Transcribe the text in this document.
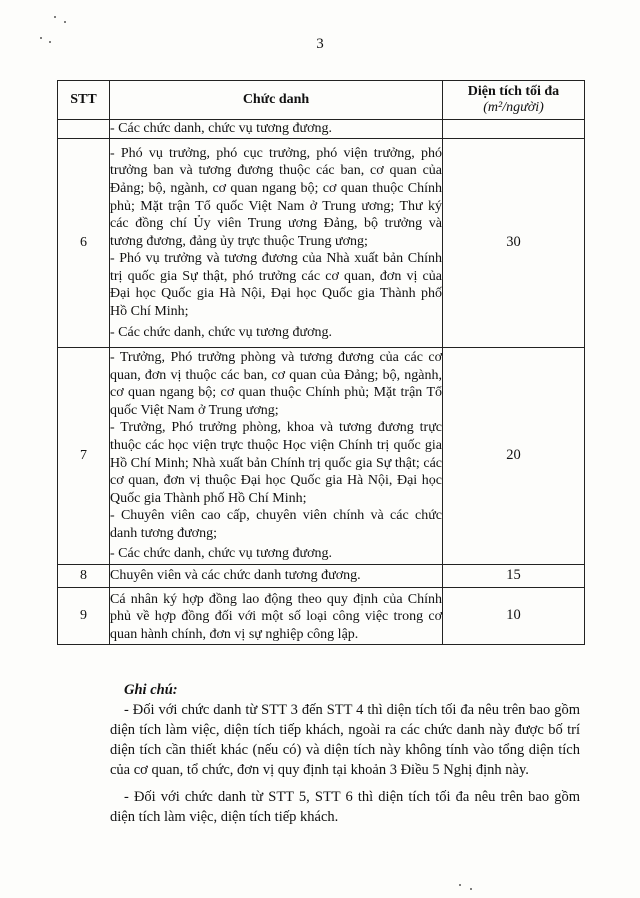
3
STT	Chức danh	Diện tích tối đa
(m²/người)

	- Các chức danh, chức vụ tương đương.	

6	- Phó vụ trưởng, phó cục trưởng, phó viện trưởng, phó trưởng ban và tương đương thuộc các ban, cơ quan của Đảng; bộ, ngành, cơ quan ngang bộ; cơ quan thuộc Chính phủ; Mặt trận Tổ quốc Việt Nam ở Trung ương; Thư ký các đồng chí Ủy viên Trung ương Đảng, bộ trưởng và tương đương, đảng ủy trực thuộc Trung ương;
- Phó vụ trưởng và tương đương của Nhà xuất bản Chính trị quốc gia Sự thật, phó trưởng các cơ quan, đơn vị của Đại học Quốc gia Hà Nội, Đại học Quốc gia Thành phố Hồ Chí Minh;
- Các chức danh, chức vụ tương đương.	30
7	- Trưởng, Phó trưởng phòng và tương đương của các cơ quan, đơn vị thuộc các ban, cơ quan của Đảng; bộ, ngành, cơ quan ngang bộ; cơ quan thuộc Chính phủ; Mặt trận Tổ quốc Việt Nam ở Trung ương;
- Trưởng, Phó trưởng phòng, khoa và tương đương trực thuộc các học viện trực thuộc Học viện Chính trị quốc gia Hồ Chí Minh; Nhà xuất bản Chính trị quốc gia Sự thật; các cơ quan, đơn vị thuộc Đại học Quốc gia Hà Nội, Đại học Quốc gia Thành phố Hồ Chí Minh;
- Chuyên viên cao cấp, chuyên viên chính và các chức danh tương đương;
- Các chức danh, chức vụ tương đương.	20
8	Chuyên viên và các chức danh tương đương.	15
9	Cá nhân ký hợp đồng lao động theo quy định của Chính phủ về hợp đồng đối với một số loại công việc trong cơ quan hành chính, đơn vị sự nghiệp công lập.	10
Ghi chú:

- Đối với chức danh từ STT 3 đến STT 4 thì diện tích tối đa nêu trên bao gồm diện tích làm việc, diện tích tiếp khách, ngoài ra các chức danh này được bố trí diện tích cần thiết khác (nếu có) và diện tích này không tính vào tổng diện tích của cơ quan, tổ chức, đơn vị quy định tại khoản 3 Điều 5 Nghị định này.

- Đối với chức danh từ STT 5, STT 6 thì diện tích tối đa nêu trên bao gồm diện tích làm việc, diện tích tiếp khách.
